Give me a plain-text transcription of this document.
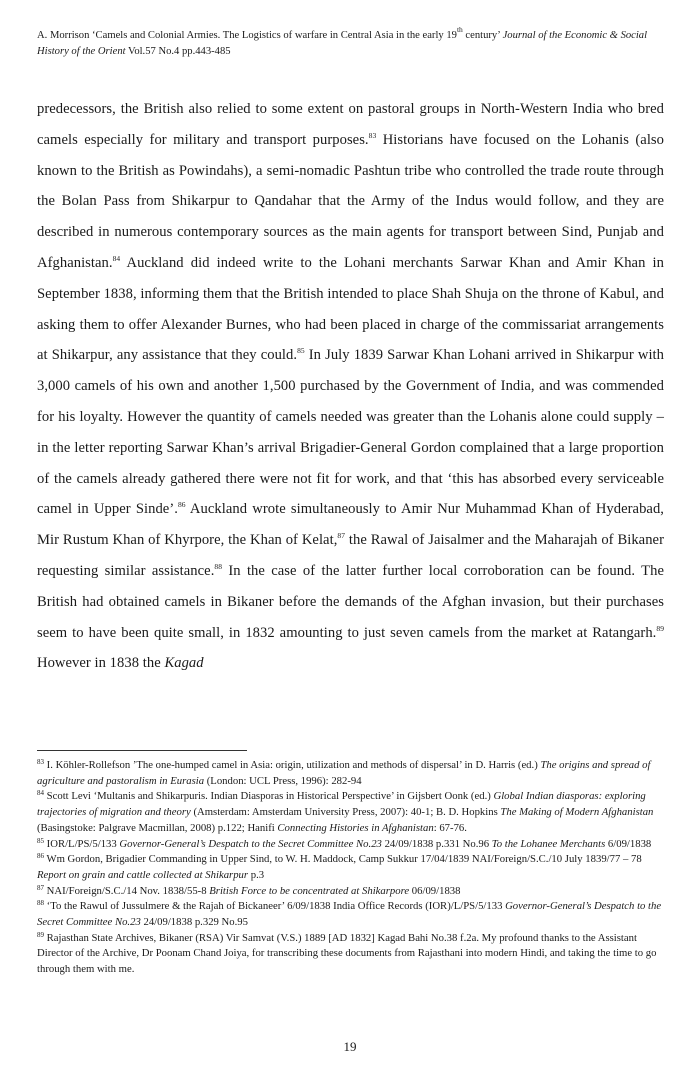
A. Morrison ‘Camels and Colonial Armies. The Logistics of warfare in Central Asia in the early 19th century’ Journal of the Economic & Social History of the Orient Vol.57 No.4 pp.443-485
predecessors, the British also relied to some extent on pastoral groups in North-Western India who bred camels especially for military and transport purposes.$^{83}$ Historians have focused on the Lohanis (also known to the British as Powindahs), a semi-nomadic Pashtun tribe who controlled the trade route through the Bolan Pass from Shikarpur to Qandahar that the Army of the Indus would follow, and they are described in numerous contemporary sources as the main agents for transport between Sind, Punjab and Afghanistan.$^{84}$ Auckland did indeed write to the Lohani merchants Sarwar Khan and Amir Khan in September 1838, informing them that the British intended to place Shah Shuja on the throne of Kabul, and asking them to offer Alexander Burnes, who had been placed in charge of the commissariat arrangements at Shikarpur, any assistance that they could.$^{85}$ In July 1839 Sarwar Khan Lohani arrived in Shikarpur with 3,000 camels of his own and another 1,500 purchased by the Government of India, and was commended for his loyalty. However the quantity of camels needed was greater than the Lohanis alone could supply – in the letter reporting Sarwar Khan’s arrival Brigadier-General Gordon complained that a large proportion of the camels already gathered there were not fit for work, and that ‘this has absorbed every serviceable camel in Upper Sinde’.$^{86}$ Auckland wrote simultaneously to Amir Nur Muhammad Khan of Hyderabad, Mir Rustum Khan of Khyrpore, the Khan of Kelat,$^{87}$ the Rawal of Jaisalmer and the Maharajah of Bikaner requesting similar assistance.$^{88}$ In the case of the latter further local corroboration can be found. The British had obtained camels in Bikaner before the demands of the Afghan invasion, but their purchases seem to have been quite small, in 1832 amounting to just seven camels from the market at Ratangarh.$^{89}$ However in 1838 the Kagad

$^{83}$ I. Köhler-Rollefson ’The one-humped camel in Asia: origin, utilization and methods of dispersal’ in D. Harris (ed.) The origins and spread of agriculture and pastoralism in Eurasia (London: UCL Press, 1996): 282-94

$^{84}$ Scott Levi ‘Multanis and Shikarpuris. Indian Diasporas in Historical Perspective’ in Gijsbert Oonk (ed.) Global Indian diasporas: exploring trajectories of migration and theory (Amsterdam: Amsterdam University Press, 2007): 40-1; B. D. Hopkins The Making of Modern Afghanistan (Basingstoke: Palgrave Macmillan, 2008) p.122; Hanifi Connecting Histories in Afghanistan: 67-76.

$^{85}$ IOR/L/PS/5/133 Governor-General’s Despatch to the Secret Committee No.23 24/09/1838 p.331 No.96 To the Lohanee Merchants 6/09/1838

$^{86}$ Wm Gordon, Brigadier Commanding in Upper Sind, to W. H. Maddock, Camp Sukkur 17/04/1839 NAI/Foreign/S.C./10 July 1839/77 – 78 Report on grain and cattle collected at Shikarpur p.3

$^{87}$ NAI/Foreign/S.C./14 Nov. 1838/55-8 British Force to be concentrated at Shikarpore 06/09/1838

$^{88}$ ‘To the Rawul of Jussulmere & the Rajah of Bickaneer’ 6/09/1838 India Office Records (IOR)/L/PS/5/133 Governor-General’s Despatch to the Secret Committee No.23 24/09/1838 p.329 No.95

$^{89}$ Rajasthan State Archives, Bikaner (RSA) Vir Samvat (V.S.) 1889 [AD 1832] Kagad Bahi No.38 f.2a. My profound thanks to the Assistant Director of the Archive, Dr Poonam Chand Joiya, for transcribing these documents from Rajasthani into modern Hindi, and taking the time to go through them with me.

19
